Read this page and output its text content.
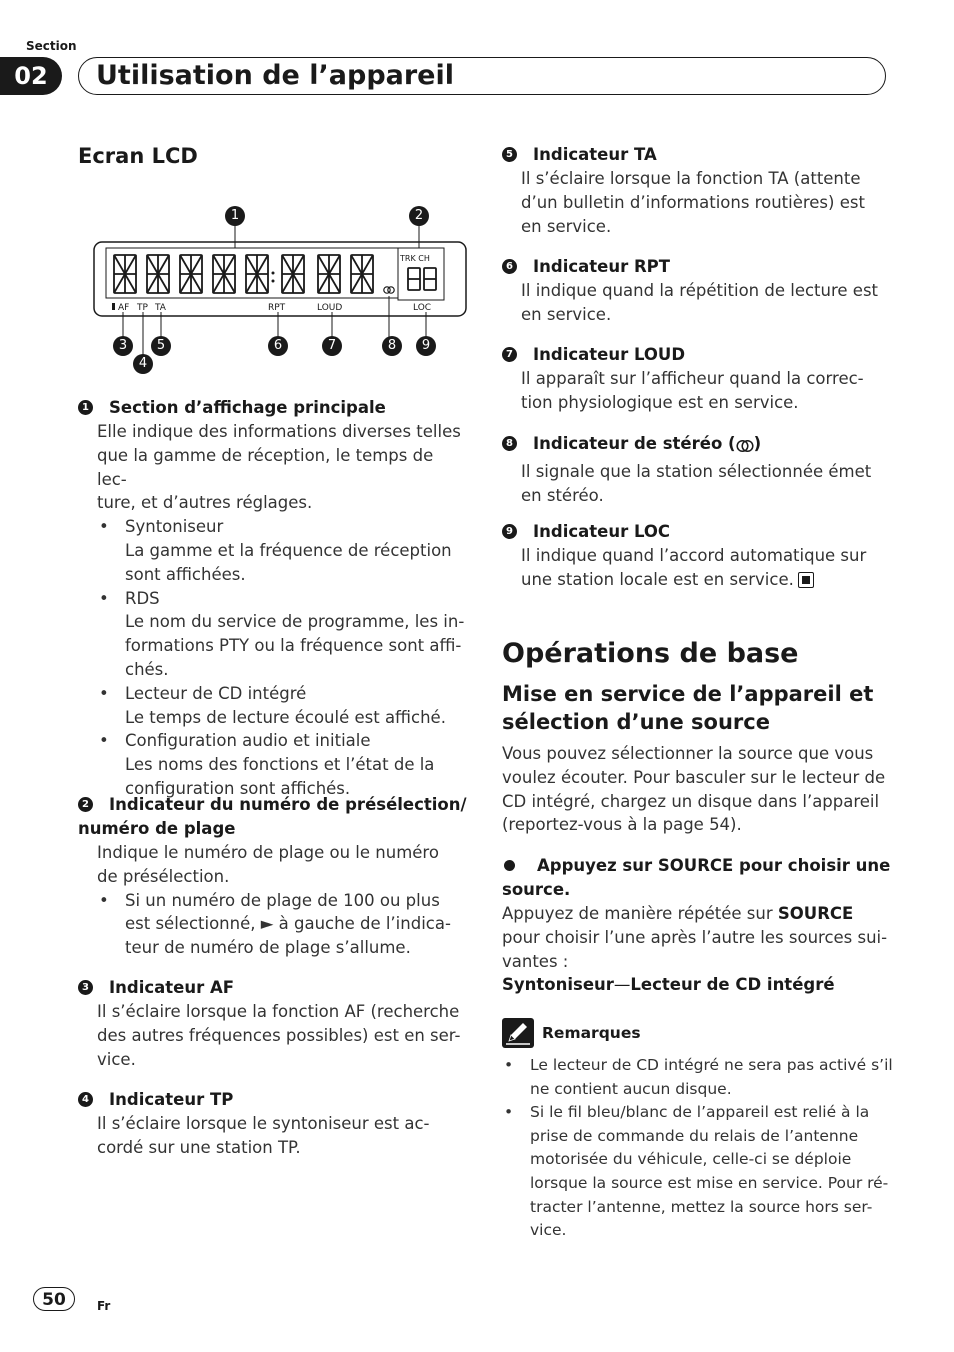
Section
02	Utilisation de l’appareil
Ecran LCD
AF TP TA	RPT	LOUD
TRK CH
LOC
1	2
3
4
5	6	7	8	9
1 Section d’affichage principale
Elle indique des informations diverses telles
que la gamme de réception, le temps de lec-
ture, et d’autres réglages.
• Syntoniseur
La gamme et la fréquence de réception
sont affichées.
• RDS
Le nom du service de programme, les in-
formations PTY ou la fréquence sont affi-
chés.
• Lecteur de CD intégré
Le temps de lecture écoulé est affiché.
• Configuration audio et initiale
Les noms des fonctions et l’état de la
configuration sont affichés.
2 Indicateur du numéro de présélection/
numéro de plage
Indique le numéro de plage ou le numéro
de présélection.
• Si un numéro de plage de 100 ou plus
est sélectionné, ► à gauche de l’indica-
teur de numéro de plage s’allume.
3 Indicateur AF
Il s’éclaire lorsque la fonction AF (recherche
des autres fréquences possibles) est en ser-
vice.
4 Indicateur TP
Il s’éclaire lorsque le syntoniseur est ac-
cordé sur une station TP.
5 Indicateur TA
Il s’éclaire lorsque la fonction TA (attente
d’un bulletin d’informations routières) est
en service.
6 Indicateur RPT
Il indique quand la répétition de lecture est
en service.
7 Indicateur LOUD
Il apparaît sur l’afficheur quand la correc-
tion physiologique est en service.
8 Indicateur de stéréo ( )
Il signale que la station sélectionnée émet
en stéréo.
9 Indicateur LOC
Il indique quand l’accord automatique sur
une station locale est en service.
Opérations de base
Mise en service de l’appareil et
sélection d’une source
Vous pouvez sélectionner la source que vous
voulez écouter. Pour basculer sur le lecteur de
CD intégré, chargez un disque dans l’appareil
(reportez-vous à la page 54).
Appuyez sur SOURCE pour choisir une
source.
Appuyez de manière répétée sur SOURCE
pour choisir l’une après l’autre les sources sui-
vantes :
Syntoniseur—Lecteur de CD intégré
Remarques
•	Le lecteur de CD intégré ne sera pas activé s’il
ne contient aucun disque.
•	Si le fil bleu/blanc de l’appareil est relié à la
prise de commande du relais de l’antenne
motorisée du véhicule, celle-ci se déploie
lorsque la source est mise en service. Pour ré-
tracter l’antenne, mettez la source hors ser-
vice.
50	Fr
